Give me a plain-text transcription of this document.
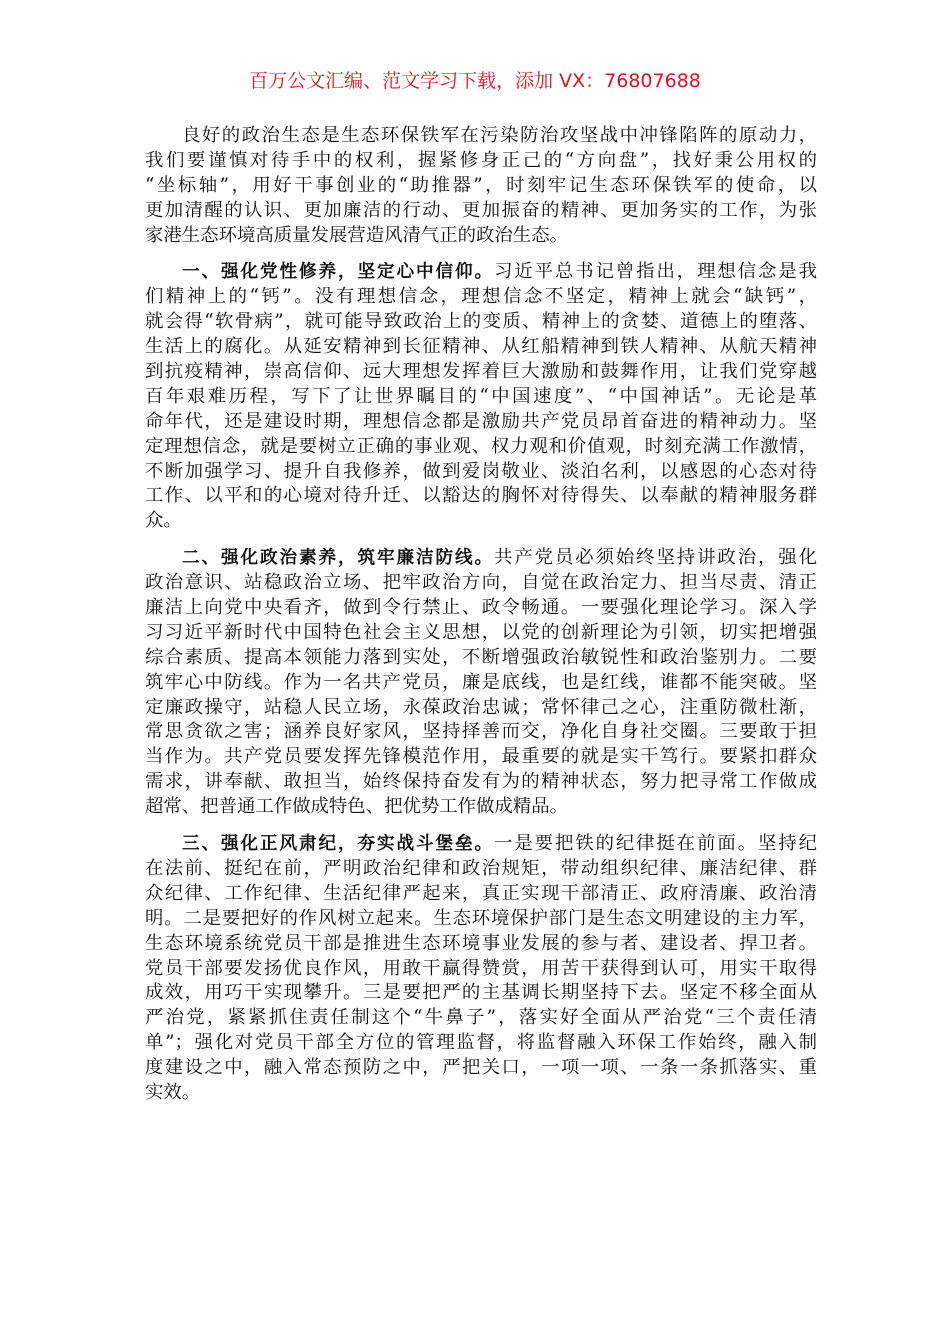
百万公文汇编、范文学习下载，添加 VX：76807688
良好的政治生态是生态环保铁军在污染防治攻坚战中冲锋陷阵的原动力，
我们要谨慎对待手中的权利，握紧修身正己的“方向盘”，找好秉公用权的
“坐标轴”，用好干事创业的“助推器”，时刻牢记生态环保铁军的使命，以
更加清醒的认识、更加廉洁的行动、更加振奋的精神、更加务实的工作，为张
家港生态环境高质量发展营造风清气正的政治生态。
一、强化党性修养，坚定心中信仰。习近平总书记曾指出，理想信念是我
们精神上的“钙”。没有理想信念，理想信念不坚定，精神上就会“缺钙”，
就会得“软骨病”，就可能导致政治上的变质、精神上的贪婪、道德上的堕落、
生活上的腐化。从延安精神到长征精神、从红船精神到铁人精神、从航天精神
到抗疫精神，崇高信仰、远大理想发挥着巨大激励和鼓舞作用，让我们党穿越
百年艰难历程，写下了让世界瞩目的“中国速度”、“中国神话”。无论是革
命年代，还是建设时期，理想信念都是激励共产党员昂首奋进的精神动力。坚
定理想信念，就是要树立正确的事业观、权力观和价值观，时刻充满工作激情，
不断加强学习、提升自我修养，做到爱岗敬业、淡泊名利，以感恩的心态对待
工作、以平和的心境对待升迁、以豁达的胸怀对待得失、以奉献的精神服务群
众。
二、强化政治素养，筑牢廉洁防线。共产党员必须始终坚持讲政治，强化
政治意识、站稳政治立场、把牢政治方向，自觉在政治定力、担当尽责、清正
廉洁上向党中央看齐，做到令行禁止、政令畅通。一要强化理论学习。深入学
习习近平新时代中国特色社会主义思想，以党的创新理论为引领，切实把增强
综合素质、提高本领能力落到实处，不断增强政治敏锐性和政治鉴别力。二要
筑牢心中防线。作为一名共产党员，廉是底线，也是红线，谁都不能突破。坚
定廉政操守，站稳人民立场，永葆政治忠诚；常怀律己之心，注重防微杜渐，
常思贪欲之害；涵养良好家风，坚持择善而交，净化自身社交圈。三要敢于担
当作为。共产党员要发挥先锋模范作用，最重要的就是实干笃行。要紧扣群众
需求，讲奉献、敢担当，始终保持奋发有为的精神状态，努力把寻常工作做成
超常、把普通工作做成特色、把优势工作做成精品。
三、强化正风肃纪，夯实战斗堡垒。一是要把铁的纪律挺在前面。坚持纪
在法前、挺纪在前，严明政治纪律和政治规矩，带动组织纪律、廉洁纪律、群
众纪律、工作纪律、生活纪律严起来，真正实现干部清正、政府清廉、政治清
明。二是要把好的作风树立起来。生态环境保护部门是生态文明建设的主力军，
生态环境系统党员干部是推进生态环境事业发展的参与者、建设者、捍卫者。
党员干部要发扬优良作风，用敢干赢得赞赏，用苦干获得到认可，用实干取得
成效，用巧干实现攀升。三是要把严的主基调长期坚持下去。坚定不移全面从
严治党，紧紧抓住责任制这个“牛鼻子”，落实好全面从严治党“三个责任清
单”；强化对党员干部全方位的管理监督，将监督融入环保工作始终，融入制
度建设之中，融入常态预防之中，严把关口，一项一项、一条一条抓落实、重
实效。
